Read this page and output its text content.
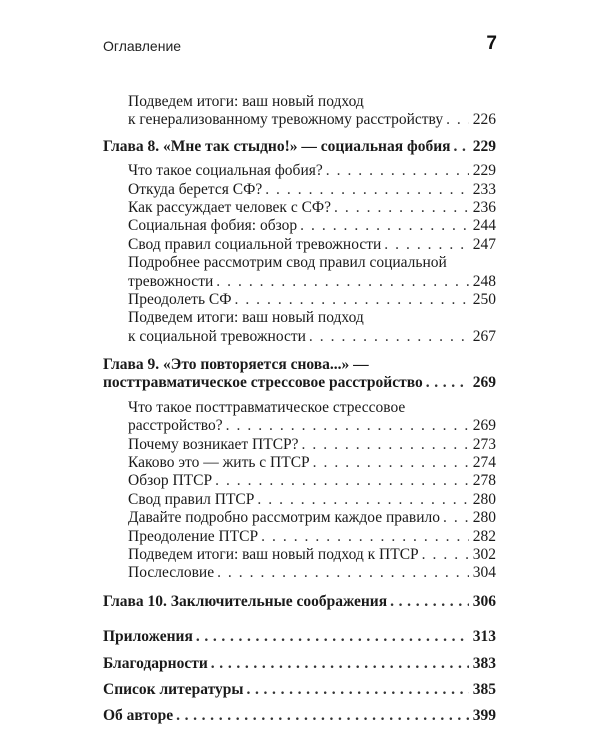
Оглавление	7
Подведем итоги: ваш новый подход
к генерализованному тревожному расстройству ..... 226
Глава 8. «Мне так стыдно!» — социальная фобия ..... 229
Что такое социальная фобия? .....	229
Откуда берется СФ? .....	233
Как рассуждает человек с СФ? .....	236
Социальная фобия: обзор .....	244
Свод правил социальной тревожности .....	247
Подробнее рассмотрим свод правил социальной
тревожности .....	248
Преодолеть СФ .....	250
Подведем итоги: ваш новый подход
к социальной тревожности .....	267
Глава 9. «Это повторяется снова...» —
посттравматическое стрессовое расстройство .....	269
Что такое посттравматическое стрессовое
расстройство? .....	269
Почему возникает ПТСР? .....	273
Каково это — жить с ПТСР .....	274
Обзор ПТСР .....	278
Свод правил ПТСР .....	280
Давайте подробно рассмотрим каждое правило ..... 280
Преодоление ПТСР .....	282
Подведем итоги: ваш новый подход к ПТСР .....	302
Послесловие .....	304
Глава 10. Заключительные соображения .....	306
Приложения .....	313
Благодарности .....	383
Список литературы .....	385
Об авторе .....	399
